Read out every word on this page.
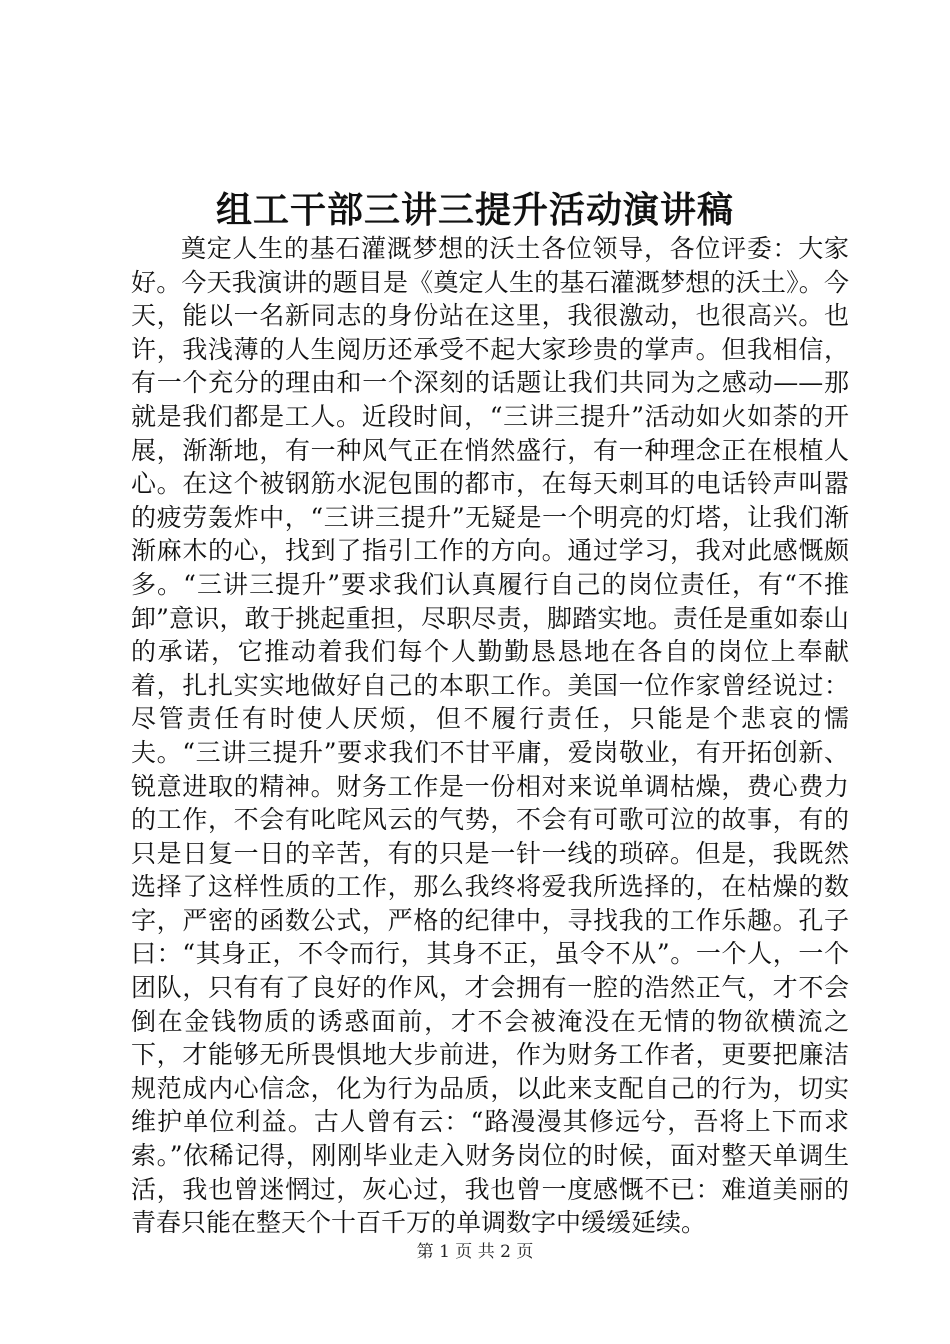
组工干部三讲三提升活动演讲稿

奠定人生的基石灌溉梦想的沃土各位领导，各位评委：大家好。今天我演讲的题目是《奠定人生的基石灌溉梦想的沃土》。今天，能以一名新同志的身份站在这里，我很激动，也很高兴。也许，我浅薄的人生阅历还承受不起大家珍贵的掌声。但我相信，有一个充分的理由和一个深刻的话题让我们共同为之感动——那就是我们都是工人。近段时间，“三讲三提升”活动如火如荼的开展，渐渐地，有一种风气正在悄然盛行，有一种理念正在根植人心。在这个被钢筋水泥包围的都市，在每天刺耳的电话铃声叫嚣的疲劳轰炸中，“三讲三提升”无疑是一个明亮的灯塔，让我们渐渐麻木的心，找到了指引工作的方向。通过学习，我对此感慨颇多。“三讲三提升”要求我们认真履行自己的岗位责任，有“不推卸”意识，敢于挑起重担，尽职尽责，脚踏实地。责任是重如泰山的承诺，它推动着我们每个人勤勤恳恳地在各自的岗位上奉献着，扎扎实实地做好自己的本职工作。美国一位作家曾经说过：尽管责任有时使人厌烦，但不履行责任，只能是个悲哀的懦夫。“三讲三提升”要求我们不甘平庸，爱岗敬业，有开拓创新、锐意进取的精神。财务工作是一份相对来说单调枯燥，费心费力的工作，不会有叱咤风云的气势，不会有可歌可泣的故事，有的只是日复一日的辛苦，有的只是一针一线的琐碎。但是，我既然选择了这样性质的工作，那么我终将爱我所选择的，在枯燥的数字，严密的函数公式，严格的纪律中，寻找我的工作乐趣。孔子曰：“其身正，不令而行，其身不正，虽令不从”。一个人，一个团队，只有有了良好的作风，才会拥有一腔的浩然正气，才不会倒在金钱物质的诱惑面前，才不会被淹没在无情的物欲横流之下，才能够无所畏惧地大步前进，作为财务工作者，更要把廉洁规范成内心信念，化为行为品质，以此来支配自己的行为，切实维护单位利益。古人曾有云：“路漫漫其修远兮，吾将上下而求索。”依稀记得，刚刚毕业走入财务岗位的时候，面对整天单调生活，我也曾迷惘过，灰心过，我也曾一度感慨不已：难道美丽的青春只能在整天个十百千万的单调数字中缓缓延续。

第 1 页 共 2 页
